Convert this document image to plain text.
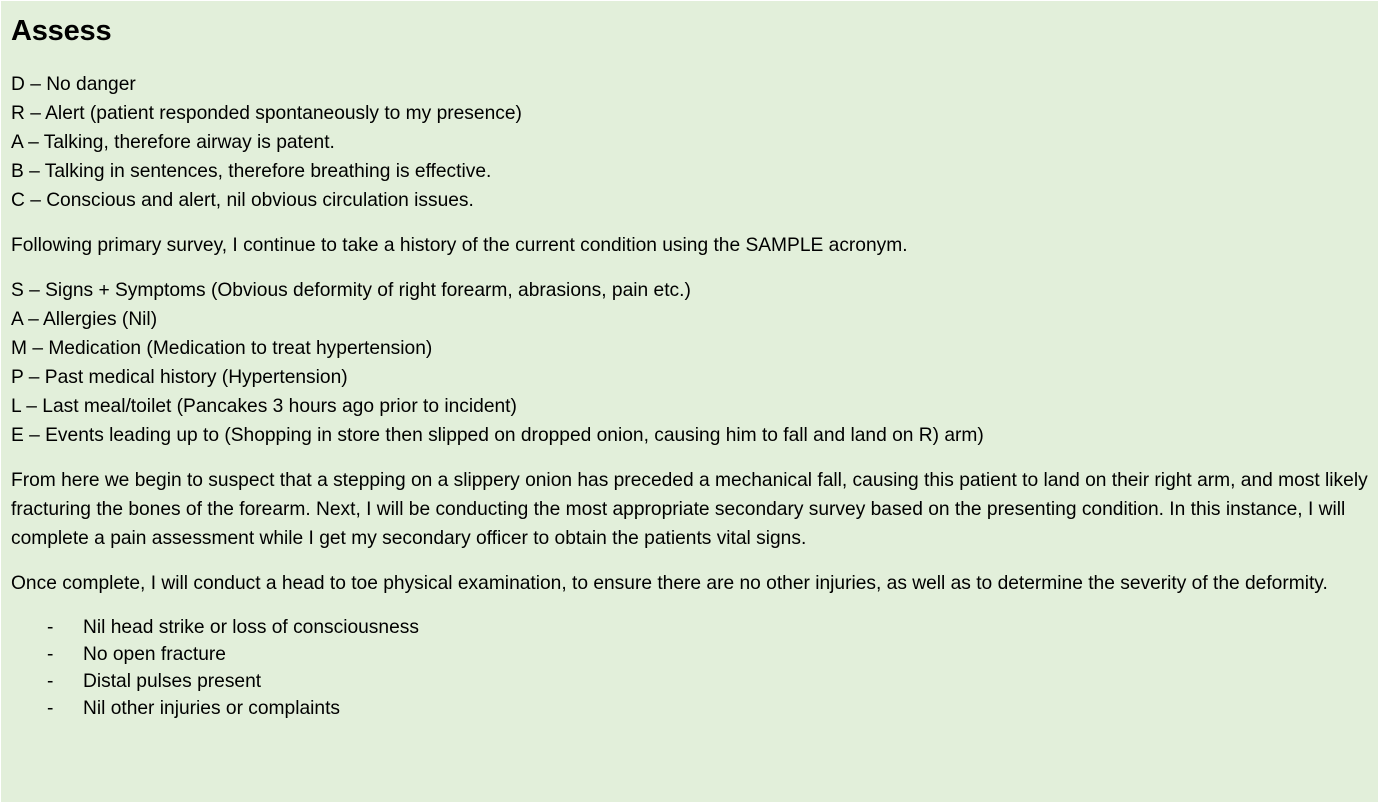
Assess
D – No danger
R – Alert (patient responded spontaneously to my presence)
A – Talking, therefore airway is patent.
B – Talking in sentences, therefore breathing is effective.
C – Conscious and alert, nil obvious circulation issues.

Following primary survey, I continue to take a history of the current condition using the SAMPLE acronym.

S – Signs + Symptoms (Obvious deformity of right forearm, abrasions, pain etc.)
A – Allergies (Nil)
M – Medication (Medication to treat hypertension)
P – Past medical history (Hypertension)
L – Last meal/toilet (Pancakes 3 hours ago prior to incident)
E – Events leading up to (Shopping in store then slipped on dropped onion, causing him to fall and land on R) arm)

From here we begin to suspect that a stepping on a slippery onion has preceded a mechanical fall, causing this patient to land on their right arm, and most likely fracturing the bones of the forearm. Next, I will be conducting the most appropriate secondary survey based on the presenting condition. In this instance, I will complete a pain assessment while I get my secondary officer to obtain the patients vital signs.

Once complete, I will conduct a head to toe physical examination, to ensure there are no other injuries, as well as to determine the severity of the deformity.

- Nil head strike or loss of consciousness
- No open fracture
- Distal pulses present
- Nil other injuries or complaints
